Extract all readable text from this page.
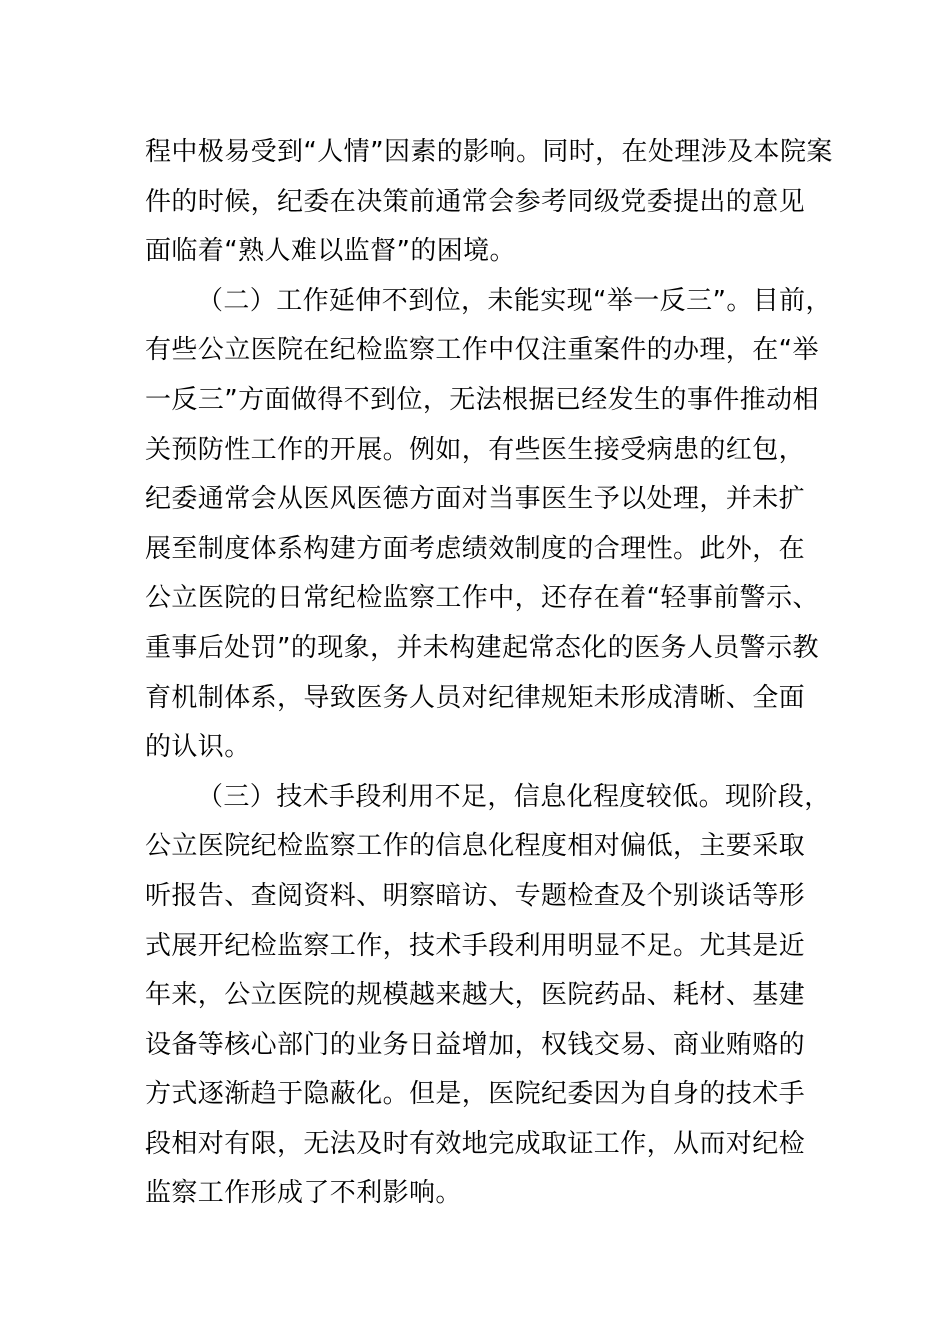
程中极易受到“人情”因素的影响。同时，在处理涉及本院案
件的时候，纪委在决策前通常会参考同级党委提出的意见
面临着“熟人难以监督”的困境。
（二）工作延伸不到位，未能实现“举一反三”。目前，
有些公立医院在纪检监察工作中仅注重案件的办理，在“举
一反三”方面做得不到位，无法根据已经发生的事件推动相
关预防性工作的开展。例如，有些医生接受病患的红包，
纪委通常会从医风医德方面对当事医生予以处理，并未扩
展至制度体系构建方面考虑绩效制度的合理性。此外，在
公立医院的日常纪检监察工作中，还存在着“轻事前警示、
重事后处罚”的现象，并未构建起常态化的医务人员警示教
育机制体系，导致医务人员对纪律规矩未形成清晰、全面
的认识。
（三）技术手段利用不足，信息化程度较低。现阶段，
公立医院纪检监察工作的信息化程度相对偏低，主要采取
听报告、查阅资料、明察暗访、专题检查及个别谈话等形
式展开纪检监察工作，技术手段利用明显不足。尤其是近
年来，公立医院的规模越来越大，医院药品、耗材、基建
设备等核心部门的业务日益增加，权钱交易、商业贿赂的
方式逐渐趋于隐蔽化。但是，医院纪委因为自身的技术手
段相对有限，无法及时有效地完成取证工作，从而对纪检
监察工作形成了不利影响。
